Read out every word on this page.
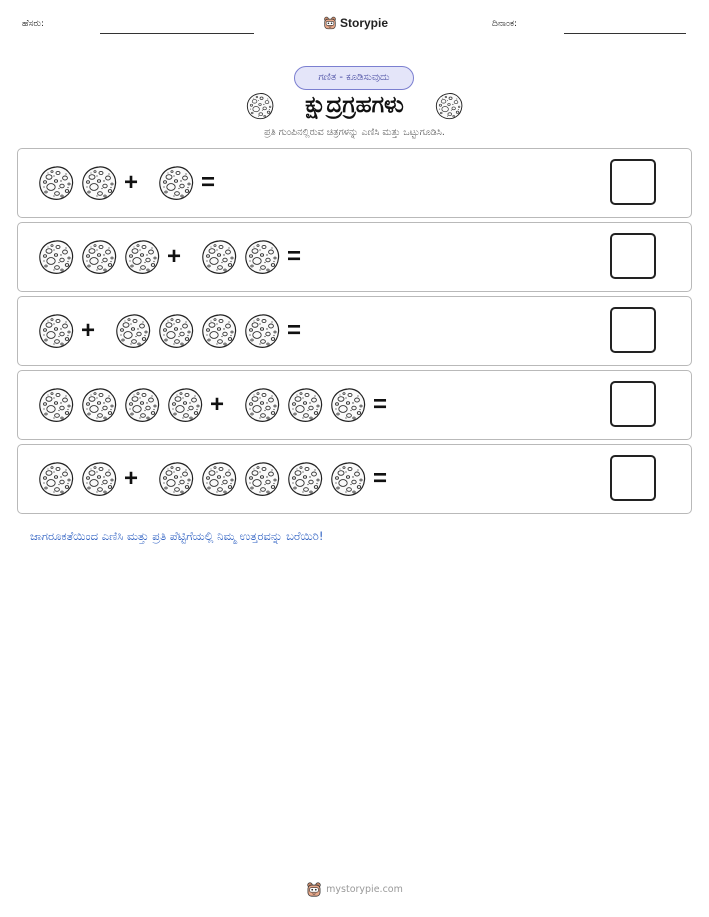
ಹೆಸರು:	Storypie	ದಿನಾಂಕ:
ಗಣಿತ - ಕೂಡಿಸುವುದು
ಕ್ಷುದ್ರಗ್ರಹಗಳು
ಪ್ರತಿ ಗುಂಪಿನಲ್ಲಿರುವ ಚಿತ್ರಗಳನ್ನು ಎಣಿಸಿ ಮತ್ತು ಒಟ್ಟುಗೂಡಿಸಿ.
+	=
+	=
+	=
+	=
+	=
ಜಾಗರೂಕತೆಯಿಂದ ಎಣಿಸಿ ಮತ್ತು ಪ್ರತಿ ಪೆಟ್ಟಿಗೆಯಲ್ಲಿ ನಿಮ್ಮ ಉತ್ತರವನ್ನು ಬರೆಯಿರಿ!
mystorypie.com
